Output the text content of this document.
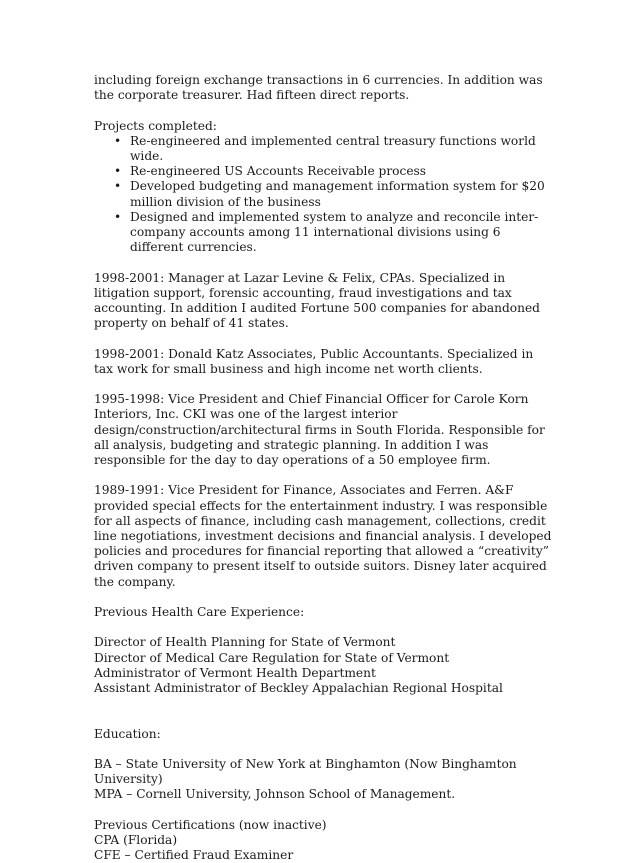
including foreign exchange transactions in 6 currencies. In addition was the corporate treasurer. Had fifteen direct reports.

Projects completed:

• Re-engineered and implemented central treasury functions world wide.
• Re-engineered US Accounts Receivable process
• Developed budgeting and management information system for $20 million division of the business
• Designed and implemented system to analyze and reconcile inter-company accounts among 11 international divisions using 6 different currencies.

1998-2001: Manager at Lazar Levine & Felix, CPAs. Specialized in litigation support, forensic accounting, fraud investigations and tax accounting. In addition I audited Fortune 500 companies for abandoned property on behalf of 41 states.

1998-2001: Donald Katz Associates, Public Accountants. Specialized in tax work for small business and high income net worth clients.

1995-1998: Vice President and Chief Financial Officer for Carole Korn Interiors, Inc. CKI was one of the largest interior design/construction/architectural firms in South Florida. Responsible for all analysis, budgeting and strategic planning. In addition I was responsible for the day to day operations of a 50 employee firm.

1989-1991: Vice President for Finance, Associates and Ferren. A&F provided special effects for the entertainment industry. I was responsible for all aspects of finance, including cash management, collections, credit line negotiations, investment decisions and financial analysis. I developed policies and procedures for financial reporting that allowed a “creativity” driven company to present itself to outside suitors. Disney later acquired the company.

Previous Health Care Experience:

Director of Health Planning for State of Vermont
Director of Medical Care Regulation for State of Vermont
Administrator of Vermont Health Department
Assistant Administrator of Beckley Appalachian Regional Hospital

Education:

BA – State University of New York at Binghamton (Now Binghamton University)
MPA – Cornell University, Johnson School of Management.
Previous Certifications (now inactive)
CPA (Florida)
CFE – Certified Fraud Examiner
